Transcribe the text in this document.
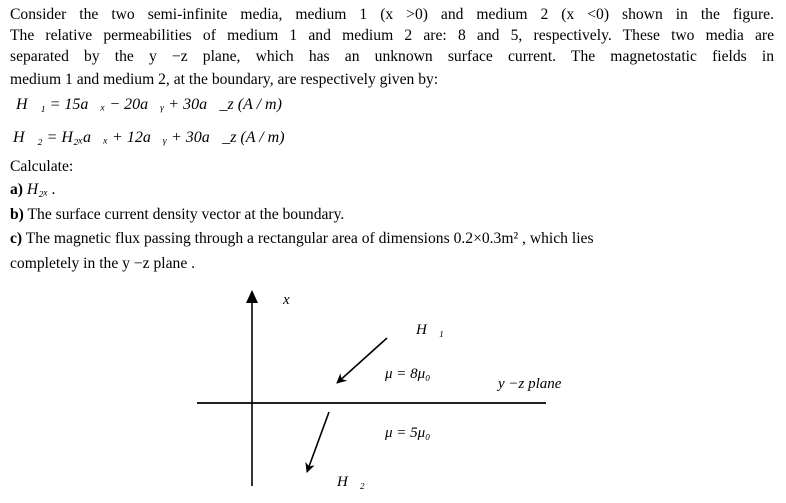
Consider the two semi-infinite media, medium 1 (x >0) and medium 2 (x <0) shown in the figure.
The relative permeabilities of medium 1 and medium 2 are: 8 and 5, respectively. These two media are
separated by the y −z plane, which has an unknown surface current. The magnetostatic fields in
medium 1 and medium 2, at the boundary, are respectively given by:
H⃗₁ = 15a⃗ₓ − 20a⃗ᵧ + 30a⃗_z (A / m)
H⃗₂ = H₂ₓa⃗ₓ + 12a⃗ᵧ + 30a⃗_z (A / m)
Calculate:
a) H₂ₓ .
b) The surface current density vector at the boundary.
c) The magnetic flux passing through a rectangular area of dimensions 0.2×0.3m² , which lies
completely in the y −z plane .
x
H⃗₁
μ = 8μ₀
y −z plane
μ = 5μ₀
H⃗₂
